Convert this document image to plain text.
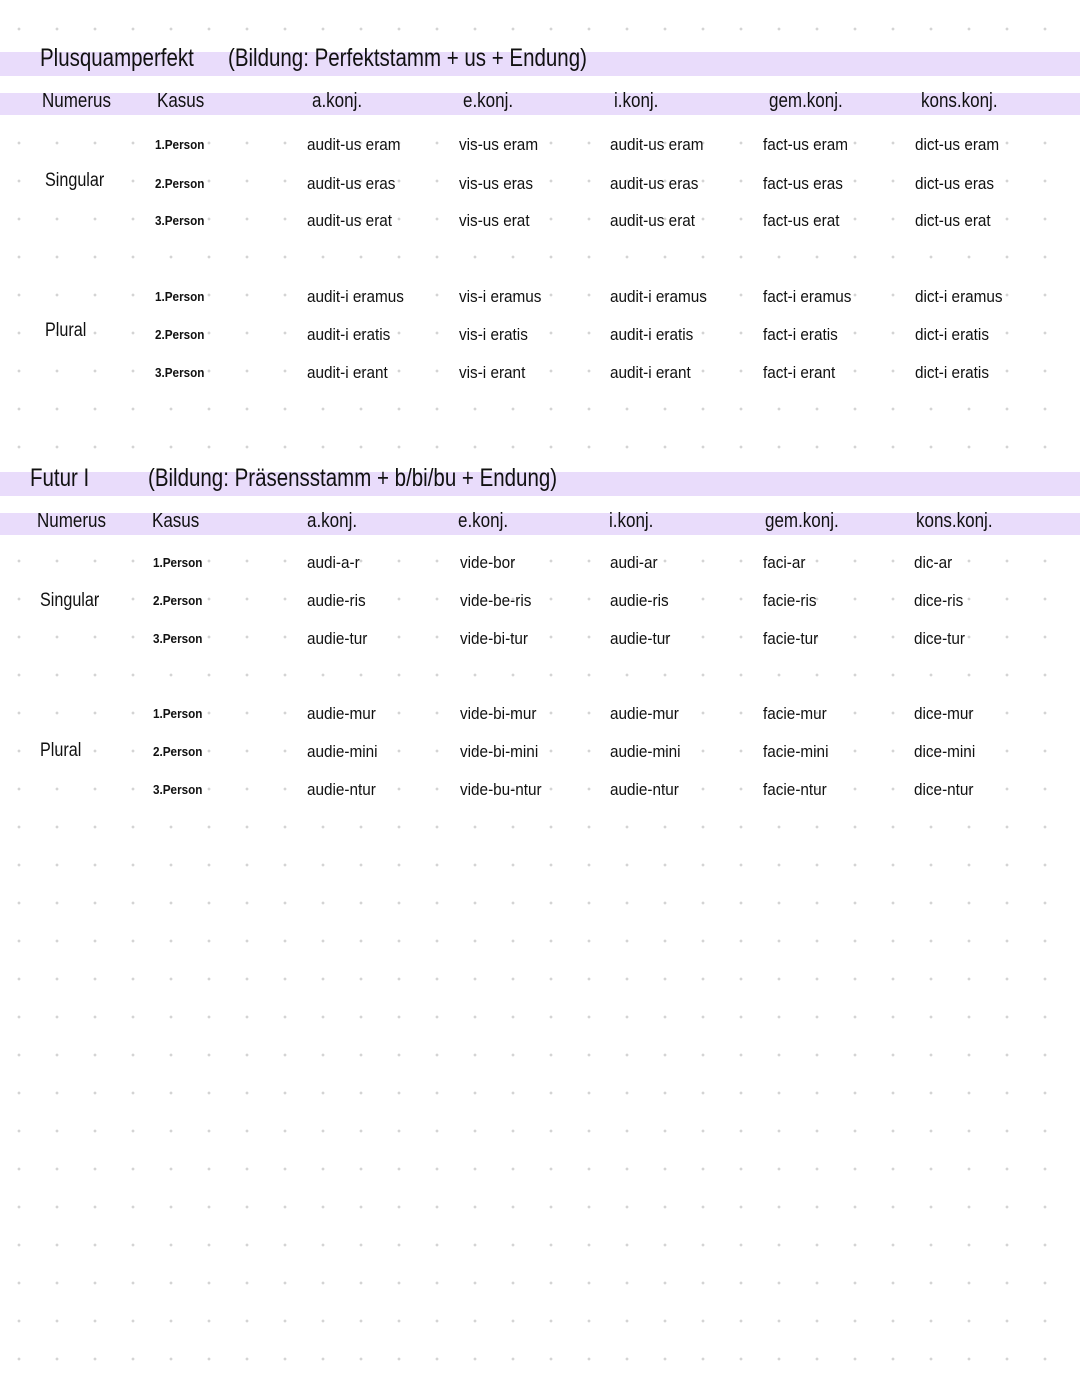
Plusquamperfekt (Bildung: Perfektstamm + us + Endung)
Numerus Kasus	a.konj.	e.konj.	i.konj.	gem.konj.	kons.konj.
Singular
1.Person	audit-us eram	vis-us eram	audit-us eram	fact-us eram	dict-us eram
2.Person	audit-us eras	vis-us eras	audit-us eras	fact-us eras	dict-us eras
3.Person	audit-us erat	vis-us erat	audit-us erat	fact-us erat	dict-us erat
Plural
1.Person	audit-i eramus	vis-i eramus	audit-i eramus	fact-i eramus	dict-i eramus
2.Person	audit-i eratis	vis-i eratis	audit-i eratis	fact-i eratis	dict-i eratis
3.Person	audit-i erant	vis-i erant	audit-i erant	fact-i erant	dict-i eratis
Futur I (Bildung: Präsensstamm + b/bi/bu + Endung)
Numerus Kasus	a.konj.	e.konj.	i.konj.	gem.konj.	kons.konj.
Singular
1.Person	audi-a-r	vide-bor	audi-ar	faci-ar	dic-ar
2.Person	audie-ris	vide-be-ris	audie-ris	facie-ris	dice-ris
3.Person	audie-tur	vide-bi-tur	audie-tur	facie-tur	dice-tur
Plural
1.Person	audie-mur	vide-bi-mur	audie-mur	facie-mur	dice-mur
2.Person	audie-mini	vide-bi-mini	audie-mini	facie-mini	dice-mini
3.Person	audie-ntur	vide-bu-ntur	audie-ntur	facie-ntur	dice-ntur
